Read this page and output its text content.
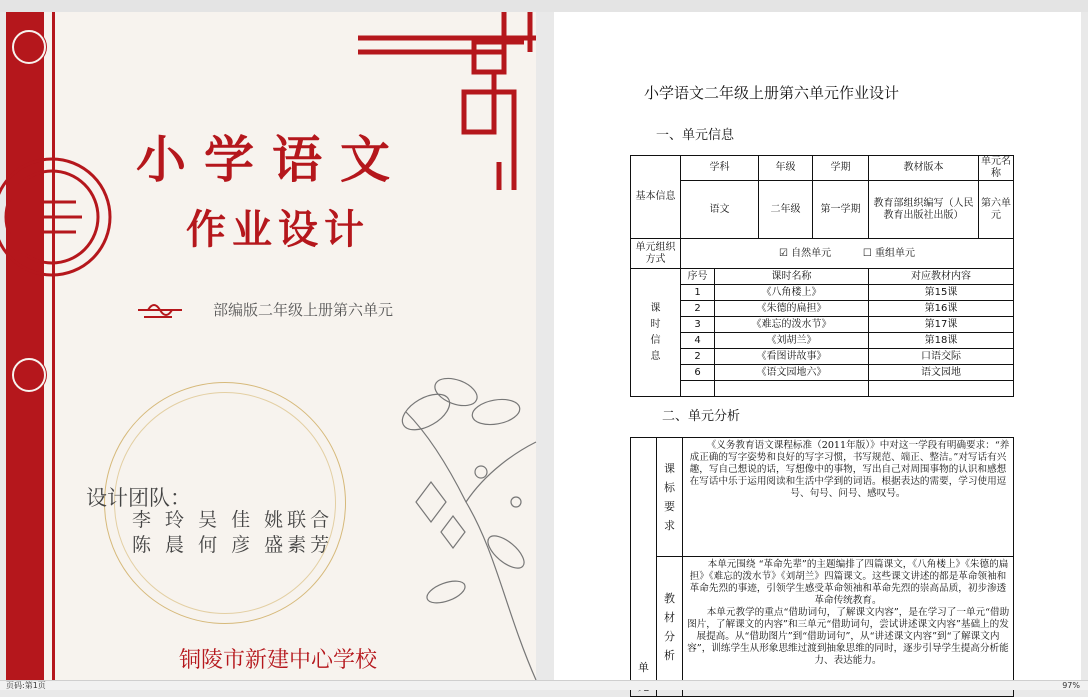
小学语文
作业设计
部编版二年级上册第六单元
设计团队：
李 玲 吴 佳 姚联合
陈 晨 何 彦 盛素芳
铜陵市新建中心学校
小学语文二年级上册第六单元作业设计
一、单元信息
基本信息	学科		年级	学期	教材版本	单元名称
	语文		二年级	第一学期	教育部组织编写（人民教育出版社出版）	第六单元
单元组织方式	☑ 自然单元 ☐ 重组单元					
课时信息	序号	课时名称			对应教材内容	
	1	《八角楼上》			第15课	
	2	《朱德的扁担》			第16课	
	3	《难忘的泼水节》			第17课	
	4	《刘胡兰》			第18课	
	2	《看图讲故事》			口语交际	
	6	《语文园地六》			语文园地	

二、单元分析
单	课标要求	《义务教育语文课程标准（2011年版）》中对这一学段有明确要求：“养成正确的写字姿势和良好的写字习惯，书写规范、端正、整洁。”对写话有兴趣，写自己想说的话，写想像中的事物，写出自己对周围事物的认识和感想 在写话中乐于运用阅读和生活中学到的词语。根据表达的需要，学习使用逗号、句号、问号、感叹号。

	教材分析	本单元围绕 “革命先辈”的主题编排了四篇课文，《八角楼上》《朱德的扁担》《难忘的泼水节》《刘胡兰》四篇课文。这些课文讲述的都是革命领袖和革命先烈的事迹，引领学生感受革命领袖和革命先烈的崇高品质，初步渗透革命传统教育。

本单元教学的重点“借助词句，了解课文内容”，是在学习了一单元“借助图片，了解课文的内容”和三单元“借助词句，尝试讲述课文内容”基础上的发展提高。从“借助图片”到“借助词句”，从“讲述课文内容”到“了解课文内容”，训练学生从形象思维过渡到抽象思维的同时，逐步引导学生提高分析能力、表达能力。

页码:第1页	97%
